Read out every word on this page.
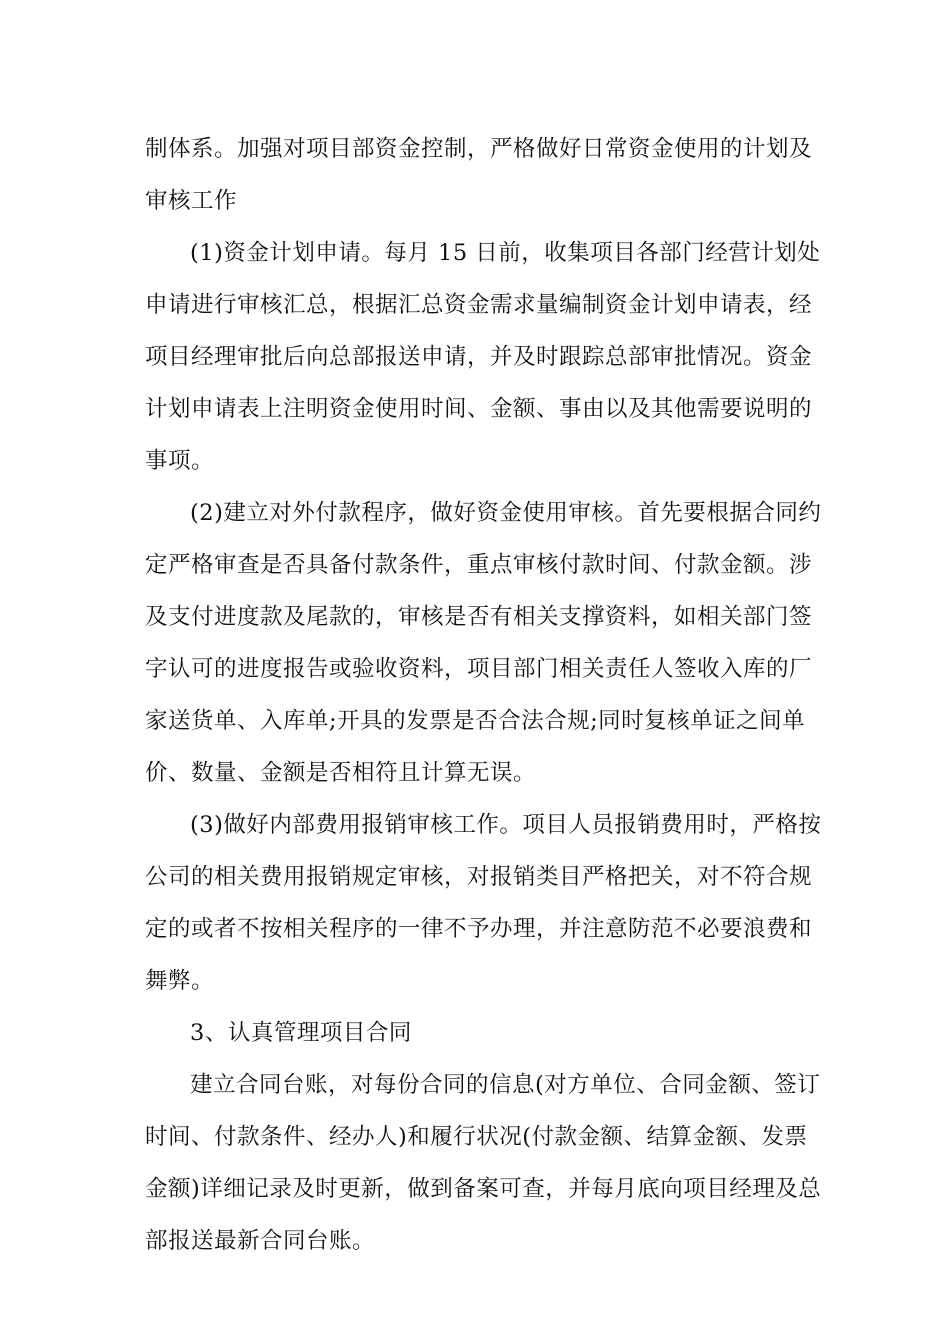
制体系。加强对项目部资金控制，严格做好日常资金使用的计划及
审核工作
(1)资金计划申请。每月 15 日前，收集项目各部门经营计划处
申请进行审核汇总，根据汇总资金需求量编制资金计划申请表，经
项目经理审批后向总部报送申请，并及时跟踪总部审批情况。资金
计划申请表上注明资金使用时间、金额、事由以及其他需要说明的
事项。
(2)建立对外付款程序，做好资金使用审核。首先要根据合同约
定严格审查是否具备付款条件，重点审核付款时间、付款金额。涉
及支付进度款及尾款的，审核是否有相关支撑资料，如相关部门签
字认可的进度报告或验收资料，项目部门相关责任人签收入库的厂
家送货单、入库单;开具的发票是否合法合规;同时复核单证之间单
价、数量、金额是否相符且计算无误。
(3)做好内部费用报销审核工作。项目人员报销费用时，严格按
公司的相关费用报销规定审核，对报销类目严格把关，对不符合规
定的或者不按相关程序的一律不予办理，并注意防范不必要浪费和
舞弊。
3、认真管理项目合同
建立合同台账，对每份合同的信息(对方单位、合同金额、签订
时间、付款条件、经办人)和履行状况(付款金额、结算金额、发票
金额)详细记录及时更新，做到备案可查，并每月底向项目经理及总
部报送最新合同台账。
